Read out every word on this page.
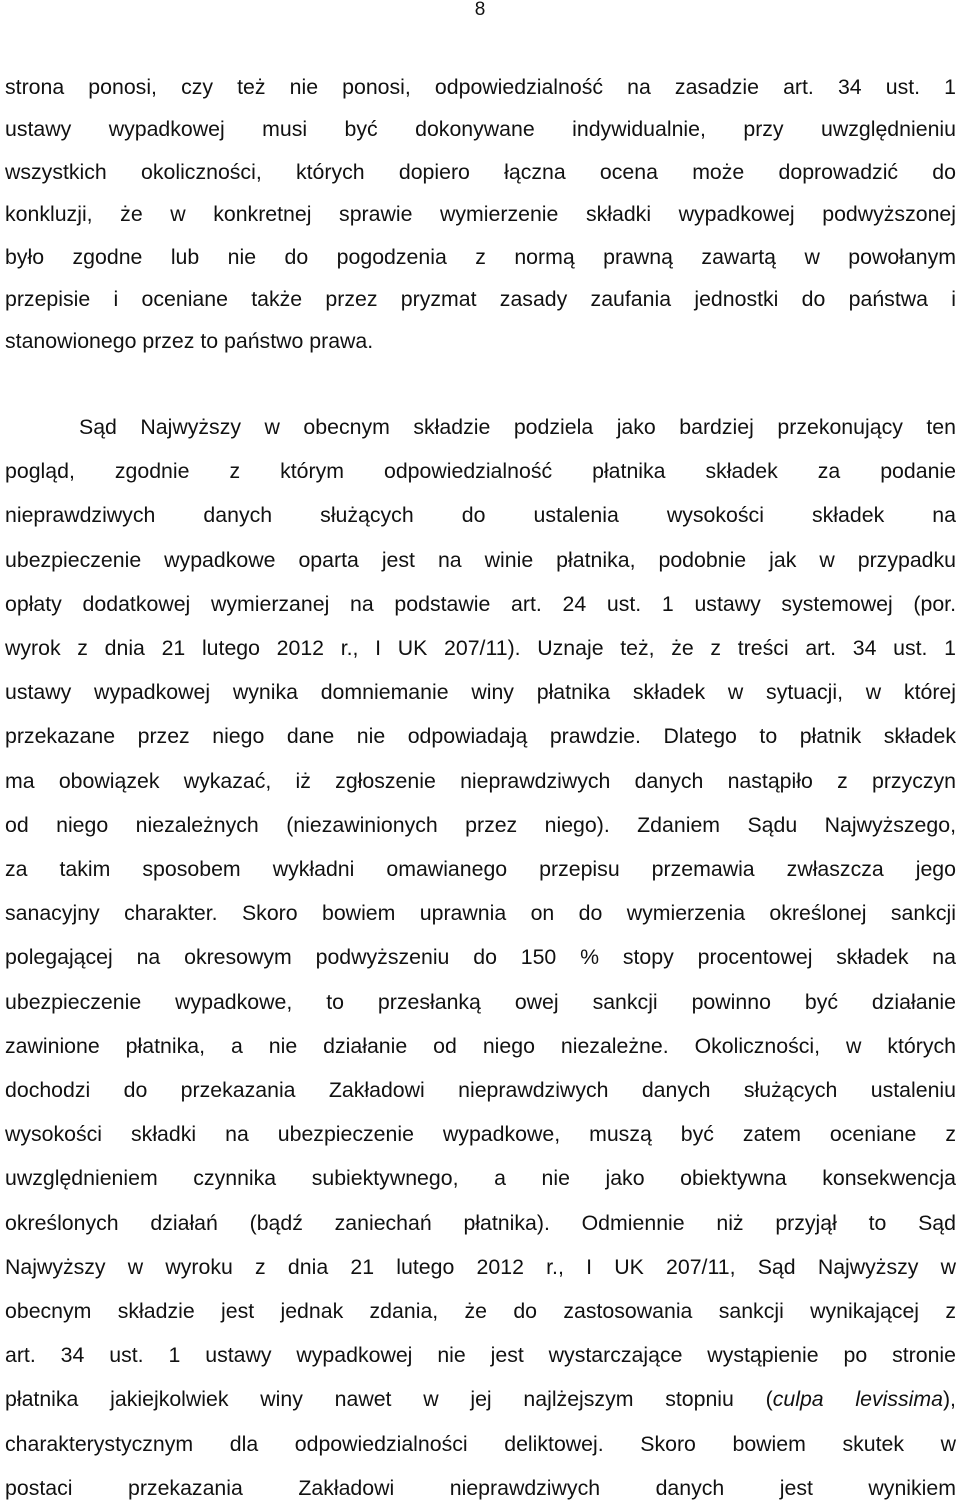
8
strona ponosi, czy też nie ponosi, odpowiedzialność na zasadzie art. 34 ust. 1
ustawy wypadkowej musi być dokonywane indywidualnie, przy uwzględnieniu
wszystkich okoliczności, których dopiero łączna ocena może doprowadzić do
konkluzji, że w konkretnej sprawie wymierzenie składki wypadkowej podwyższonej
było zgodne lub nie do pogodzenia z normą prawną zawartą w powołanym
przepisie i oceniane także przez pryzmat zasady zaufania jednostki do państwa i
stanowionego przez to państwo prawa.
Sąd Najwyższy w obecnym składzie podziela jako bardziej przekonujący ten
pogląd, zgodnie z którym odpowiedzialność płatnika składek za podanie
nieprawdziwych danych służących do ustalenia wysokości składek na
ubezpieczenie wypadkowe oparta jest na winie płatnika, podobnie jak w przypadku
opłaty dodatkowej wymierzanej na podstawie art. 24 ust. 1 ustawy systemowej (por.
wyrok z dnia 21 lutego 2012 r., I UK 207/11). Uznaje też, że z treści art. 34 ust. 1
ustawy wypadkowej wynika domniemanie winy płatnika składek w sytuacji, w której
przekazane przez niego dane nie odpowiadają prawdzie. Dlatego to płatnik składek
ma obowiązek wykazać, iż zgłoszenie nieprawdziwych danych nastąpiło z przyczyn
od niego niezależnych (niezawinionych przez niego). Zdaniem Sądu Najwyższego,
za takim sposobem wykładni omawianego przepisu przemawia zwłaszcza jego
sanacyjny charakter. Skoro bowiem uprawnia on do wymierzenia określonej sankcji
polegającej na okresowym podwyższeniu do 150 % stopy procentowej składek na
ubezpieczenie wypadkowe, to przesłanką owej sankcji powinno być działanie
zawinione płatnika, a nie działanie od niego niezależne. Okoliczności, w których
dochodzi do przekazania Zakładowi nieprawdziwych danych służących ustaleniu
wysokości składki na ubezpieczenie wypadkowe, muszą być zatem oceniane z
uwzględnieniem czynnika subiektywnego, a nie jako obiektywna konsekwencja
określonych działań (bądź zaniechań płatnika). Odmiennie niż przyjął to Sąd
Najwyższy w wyroku z dnia 21 lutego 2012 r., I UK 207/11, Sąd Najwyższy w
obecnym składzie jest jednak zdania, że do zastosowania sankcji wynikającej z
art. 34 ust. 1 ustawy wypadkowej nie jest wystarczające wystąpienie po stronie
płatnika jakiejkolwiek winy nawet w jej najlżejszym stopniu (culpa levissima),
charakterystycznym dla odpowiedzialności deliktowej. Skoro bowiem skutek w
postaci przekazania Zakładowi nieprawdziwych danych jest wynikiem
